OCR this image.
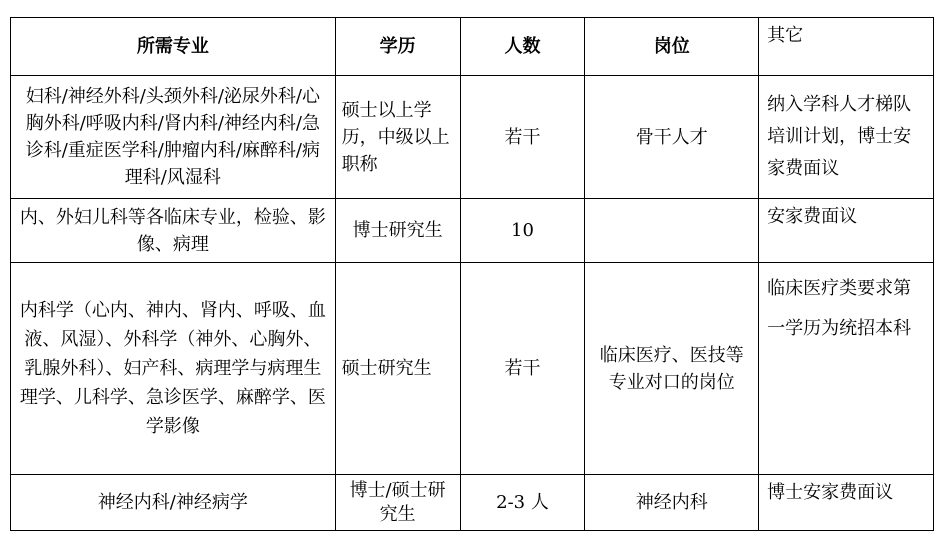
所需专业	学历	人数	岗位	其它
妇科/神经外科/头颈外科/泌尿外科/心胸外科/呼吸内科/肾内科/神经内科/急诊科/重症医学科/肿瘤内科/麻醉科/病理科/风湿科	硕士以上学历，中级以上职称	若干	骨干人才	纳入学科人才梯队培训计划，博士安家费面议
内、外妇儿科等各临床专业，检验、影像、病理	博士研究生	10		安家费面议
内科学（心内、神内、肾内、呼吸、血液、风湿）、外科学（神外、心胸外、乳腺外科）、妇产科、病理学与病理生理学、儿科学、急诊医学、麻醉学、医学影像	硕士研究生	若干	临床医疗、医技等专业对口的岗位	临床医疗类要求第一学历为统招本科
神经内科/神经病学	博士/硕士研究生	2-3 人	神经内科	博士安家费面议
